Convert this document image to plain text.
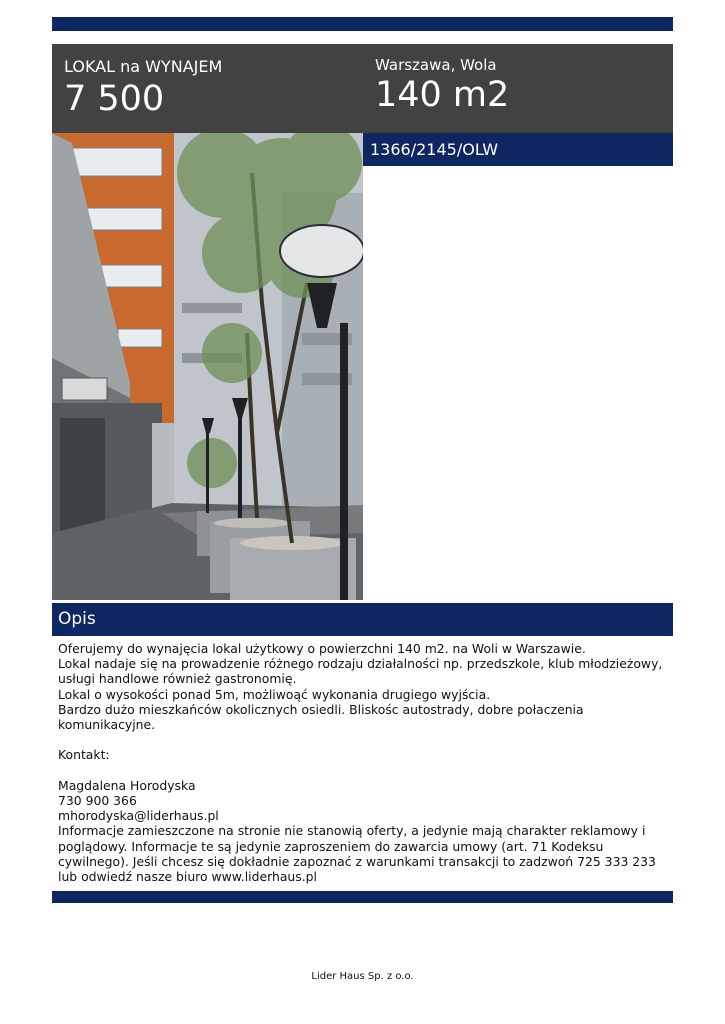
LOKAL na WYNAJEM
7 500
Warszawa, Wola
140 m2
1366/2145/OLW
Opis
Oferujemy do wynajęcia lokal użytkowy o powierzchni 140 m2. na Woli w Warszawie.
Lokal nadaje się na prowadzenie różnego rodzaju działalności np. przedszkole, klub młodzieżowy, usługi handlowe również gastronomię.
Lokal o wysokości ponad 5m, możliwoąć wykonania drugiego wyjścia.
Bardzo dużo mieszkańców okolicznych osiedli. Bliskośc autostrady, dobre połaczenia komunikacyjne.
Kontakt:
Magdalena Horodyska
730 900 366
mhorodyska@liderhaus.pl
Informacje zamieszczone na stronie nie stanowią oferty, a jedynie mają charakter reklamowy i poglądowy. Informacje te są jedynie zaproszeniem do zawarcia umowy (art. 71 Kodeksu cywilnego). Jeśli chcesz się dokładnie zapoznać z warunkami transakcji to zadzwoń 725 333 233 lub odwiedź nasze biuro www.liderhaus.pl
Lider Haus Sp. z o.o.
